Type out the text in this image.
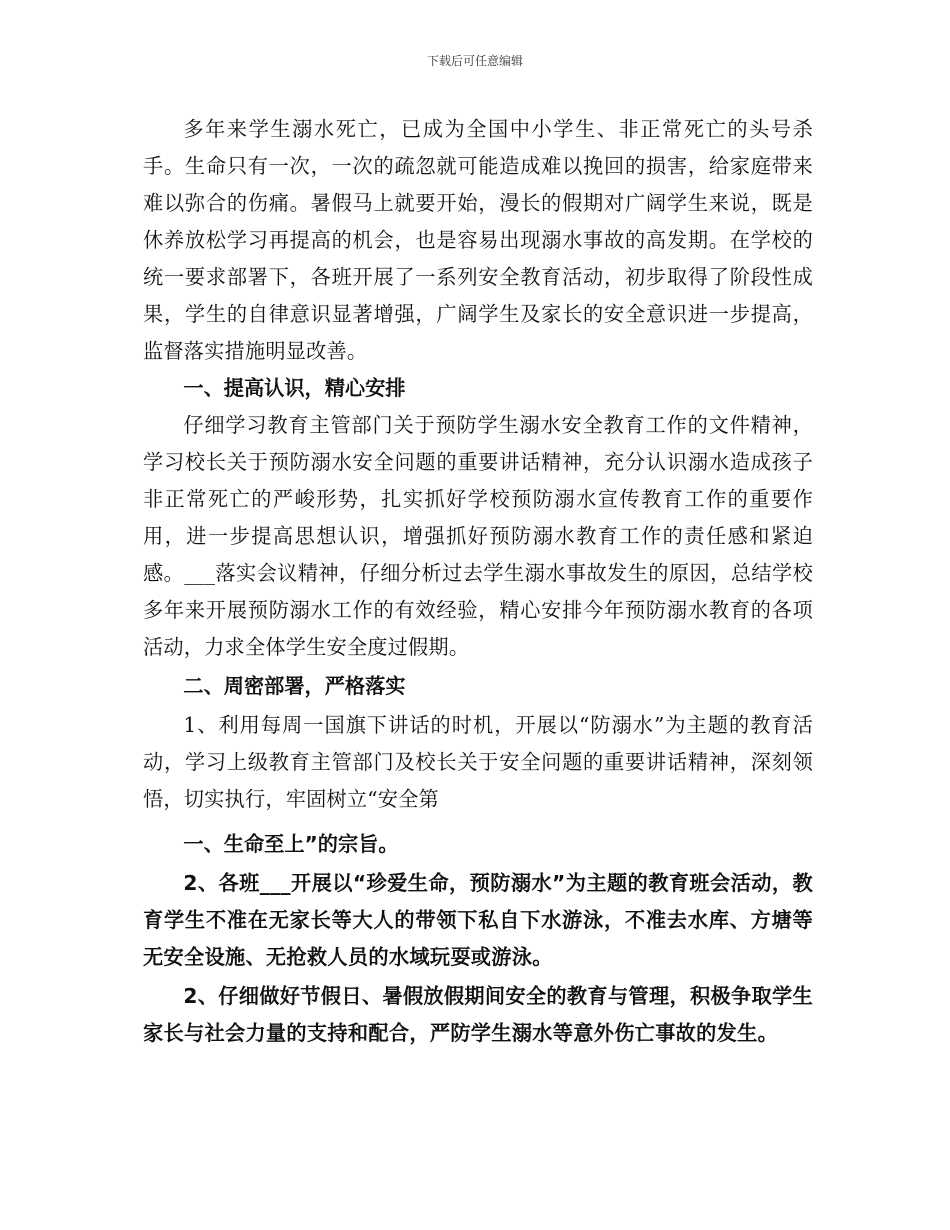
下载后可任意编辑

多年来学生溺水死亡，已成为全国中小学生、非正常死亡的头号杀手。生命只有一次，一次的疏忽就可能造成难以挽回的损害，给家庭带来难以弥合的伤痛。暑假马上就要开始，漫长的假期对广阔学生来说，既是休养放松学习再提高的机会，也是容易出现溺水事故的高发期。在学校的统一要求部署下，各班开展了一系列安全教育活动，初步取得了阶段性成果，学生的自律意识显著增强，广阔学生及家长的安全意识进一步提高，监督落实措施明显改善。

一、提高认识，精心安排

仔细学习教育主管部门关于预防学生溺水安全教育工作的文件精神，学习校长关于预防溺水安全问题的重要讲话精神，充分认识溺水造成孩子非正常死亡的严峻形势，扎实抓好学校预防溺水宣传教育工作的重要作用，进一步提高思想认识，增强抓好预防溺水教育工作的责任感和紧迫感。___落实会议精神，仔细分析过去学生溺水事故发生的原因，总结学校多年来开展预防溺水工作的有效经验，精心安排今年预防溺水教育的各项活动，力求全体学生安全度过假期。

二、周密部署，严格落实

1、利用每周一国旗下讲话的时机，开展以“防溺水”为主题的教育活动，学习上级教育主管部门及校长关于安全问题的重要讲话精神，深刻领悟，切实执行，牢固树立“安全第

一、生命至上”的宗旨。

2、各班___开展以“珍爱生命，预防溺水”为主题的教育班会活动，教育学生不准在无家长等大人的带领下私自下水游泳，不准去水库、方塘等无安全设施、无抢救人员的水域玩耍或游泳。

2、仔细做好节假日、暑假放假期间安全的教育与管理，积极争取学生家长与社会力量的支持和配合，严防学生溺水等意外伤亡事故的发生。
